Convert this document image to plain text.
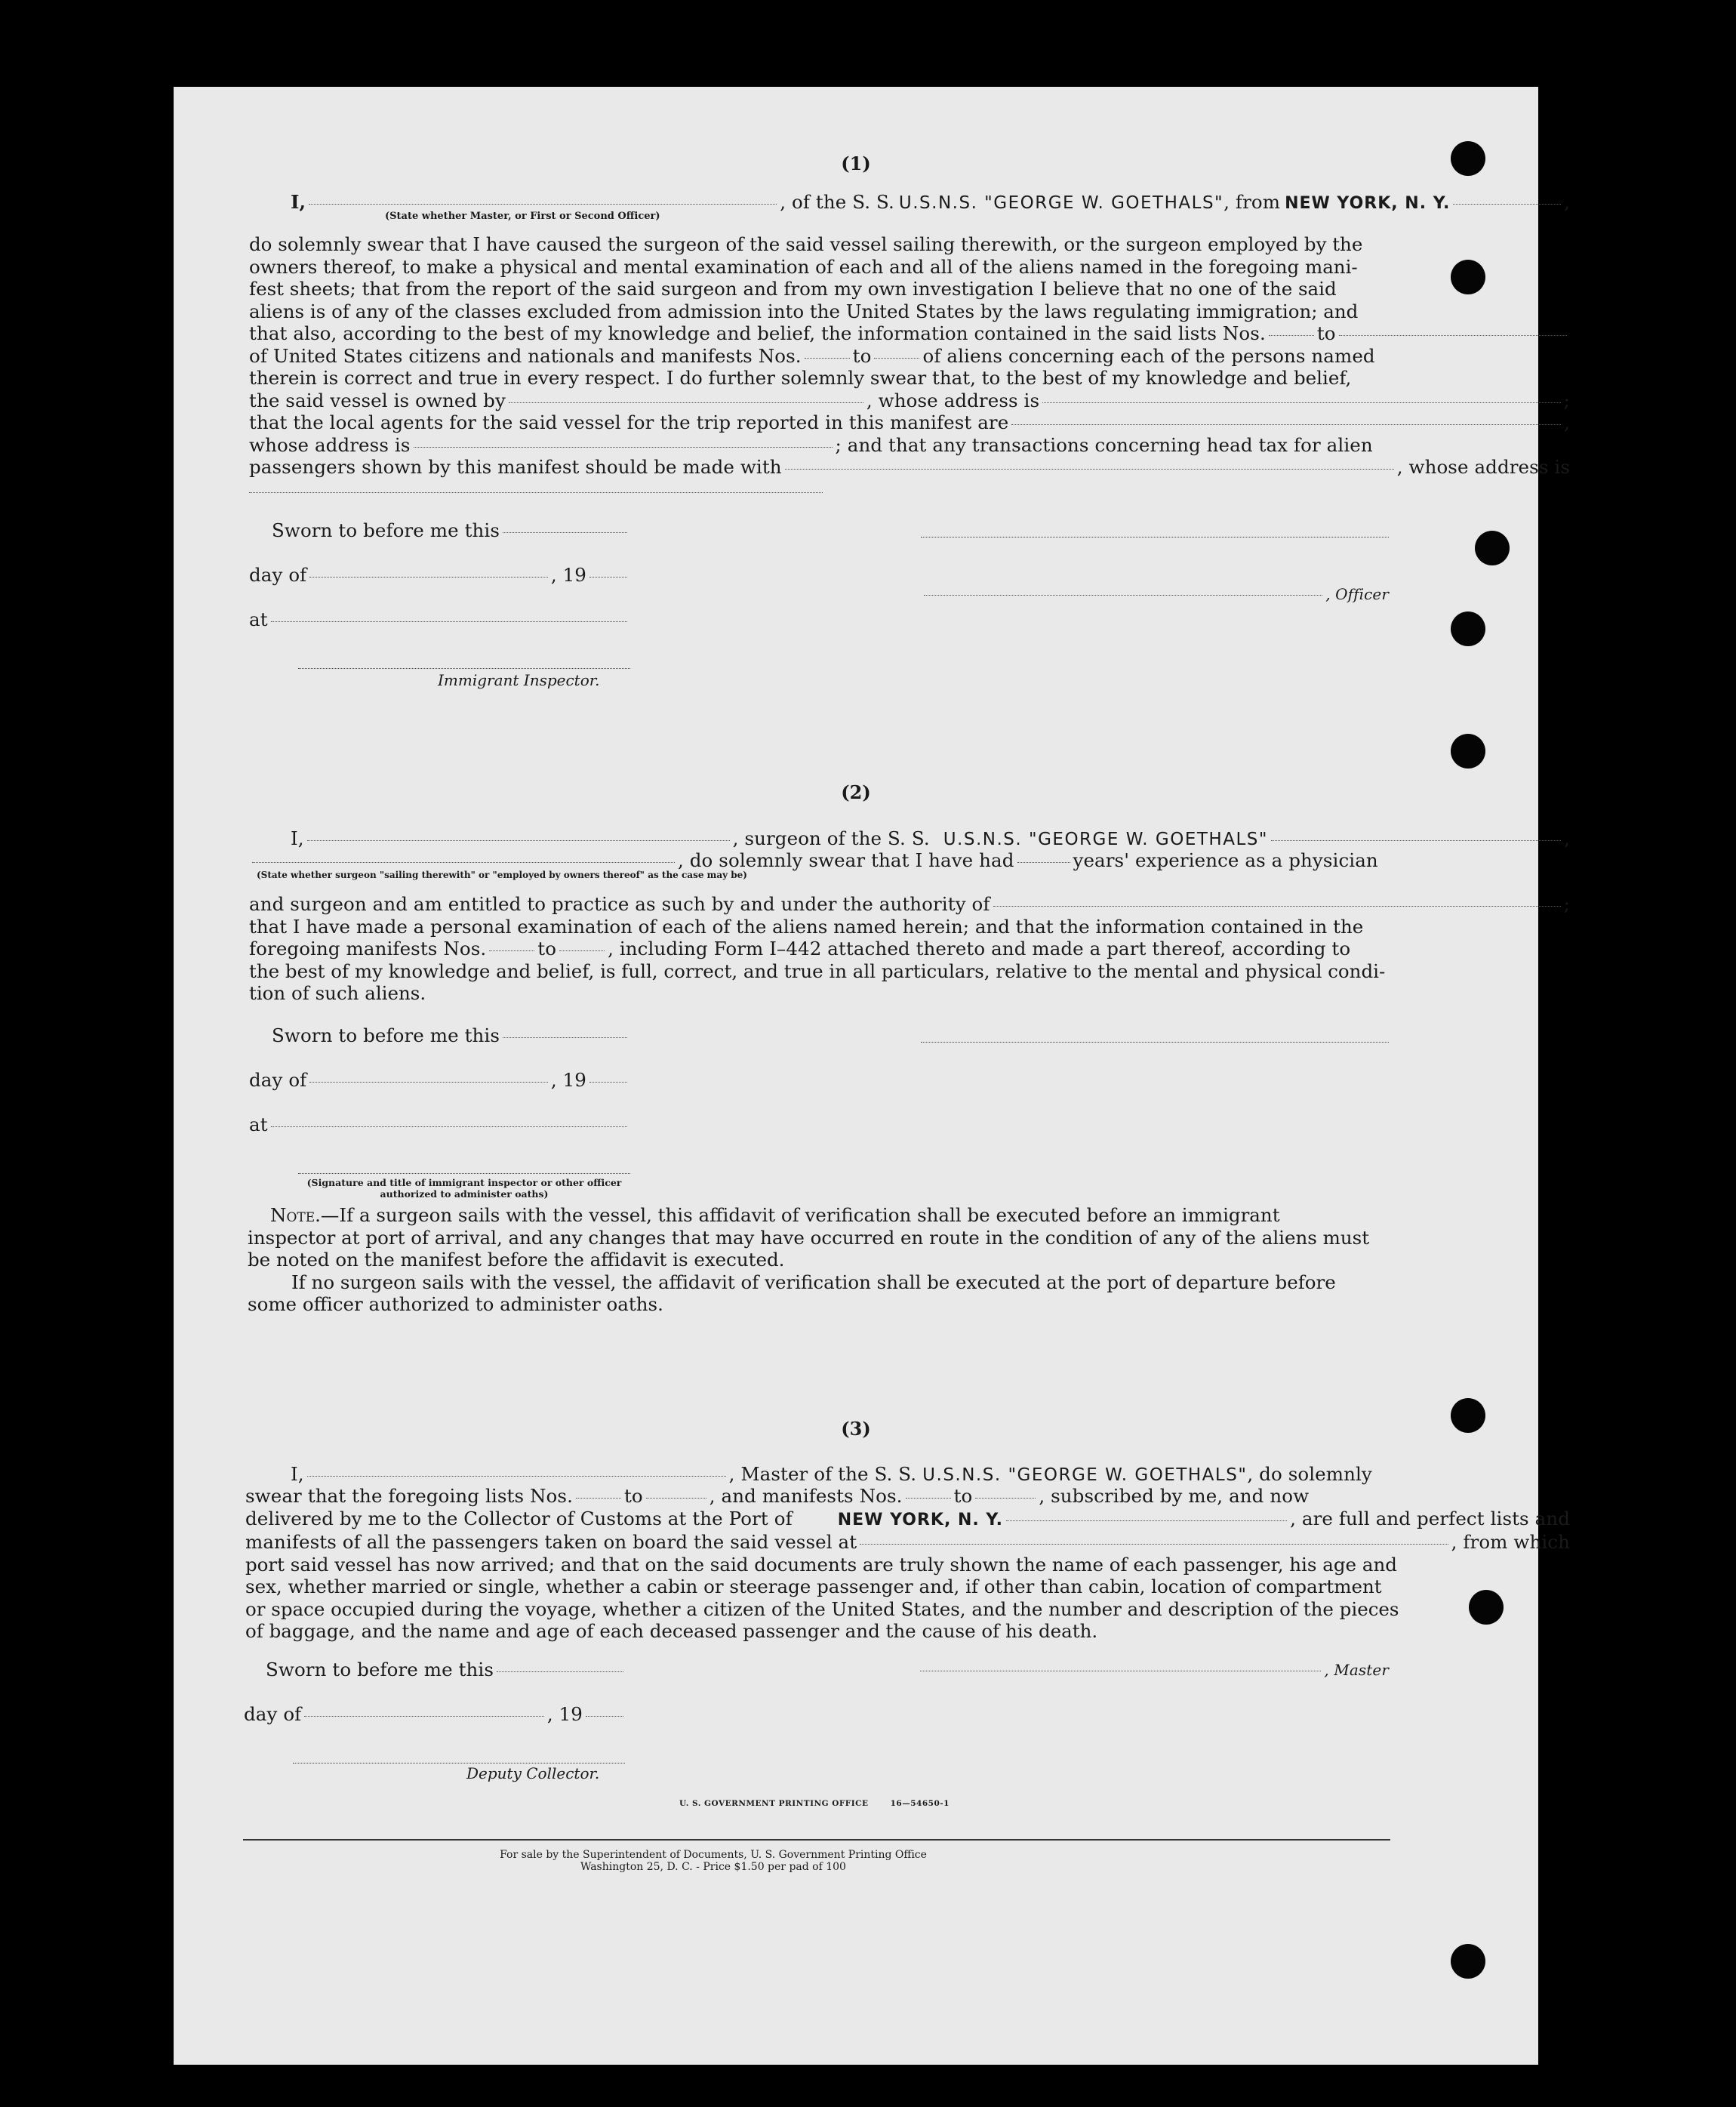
(1)
I,	, of the S. S. U.S.N.S. "GEORGE W. GOETHALS" , from NEW YORK, N. Y.	,
(State whether Master, or First or Second Officer)

do solemnly swear that I have caused the surgeon of the said vessel sailing therewith, or the surgeon employed by the

owners thereof, to make a physical and mental examination of each and all of the aliens named in the foregoing mani-

fest sheets; that from the report of the said surgeon and from my own investigation I believe that no one of the said

aliens is of any of the classes excluded from admission into the United States by the laws regulating immigration; and

that also, according to the best of my knowledge and belief, the information contained in the said lists Nos.	to
of United States citizens and nationals and manifests Nos.	to	of aliens concerning each of the persons named

therein is correct and true in every respect. I do further solemnly swear that, to the best of my knowledge and belief,

the said vessel is owned by	, whose address is	;
that the local agents for the said vessel for the trip reported in this manifest are	,
whose address is	; and that any transactions concerning head tax for alien
passengers shown by this manifest should be made with	, whose address is
Sworn to before me this
day of	, 19
, Officer
at
Immigrant Inspector.
(2)
I,	, surgeon of the S. S. U.S.N.S. "GEORGE W. GOETHALS"	,
, do solemnly swear that I have had	years' experience as a physician
(State whether surgeon "sailing therewith" or "employed by owners thereof" as the case may be)
and surgeon and am entitled to practice as such by and under the authority of	;

that I have made a personal examination of each of the aliens named herein; and that the information contained in the

foregoing manifests Nos.	to	, including Form I–442 attached thereto and made a part thereof, according to

the best of my knowledge and belief, is full, correct, and true in all particulars, relative to the mental and physical condi-

tion of such aliens.

Sworn to before me this
day of	, 19
at
(Signature and title of immigrant inspector or other officer authorized to administer oaths)

Note.—If a surgeon sails with the vessel, this affidavit of verification shall be executed before an immigrant

inspector at port of arrival, and any changes that may have occurred en route in the condition of any of the aliens must

be noted on the manifest before the affidavit is executed.

If no surgeon sails with the vessel, the affidavit of verification shall be executed at the port of departure before

some officer authorized to administer oaths.

(3)
I,	, Master of the S. S. U.S.N.S. "GEORGE W. GOETHALS" , do solemnly
swear that the foregoing lists Nos.	to	, and manifests Nos.	to	, subscribed by me, and now
delivered by me to the Collector of Customs at the Port of	NEW YORK, N. Y.	, are full and perfect lists and
manifests of all the passengers taken on board the said vessel at	, from which

port said vessel has now arrived; and that on the said documents are truly shown the name of each passenger, his age and

sex, whether married or single, whether a cabin or steerage passenger and, if other than cabin, location of compartment

or space occupied during the voyage, whether a citizen of the United States, and the number and description of the pieces

of baggage, and the name and age of each deceased passenger and the cause of his death.

Sworn to before me this	, Master
day of	, 19
Deputy Collector.
U. S. GOVERNMENT PRINTING OFFICE       16—54650-1
For sale by the Superintendent of Documents, U. S. Government Printing Office
Washington 25, D. C. - Price $1.50 per pad of 100
